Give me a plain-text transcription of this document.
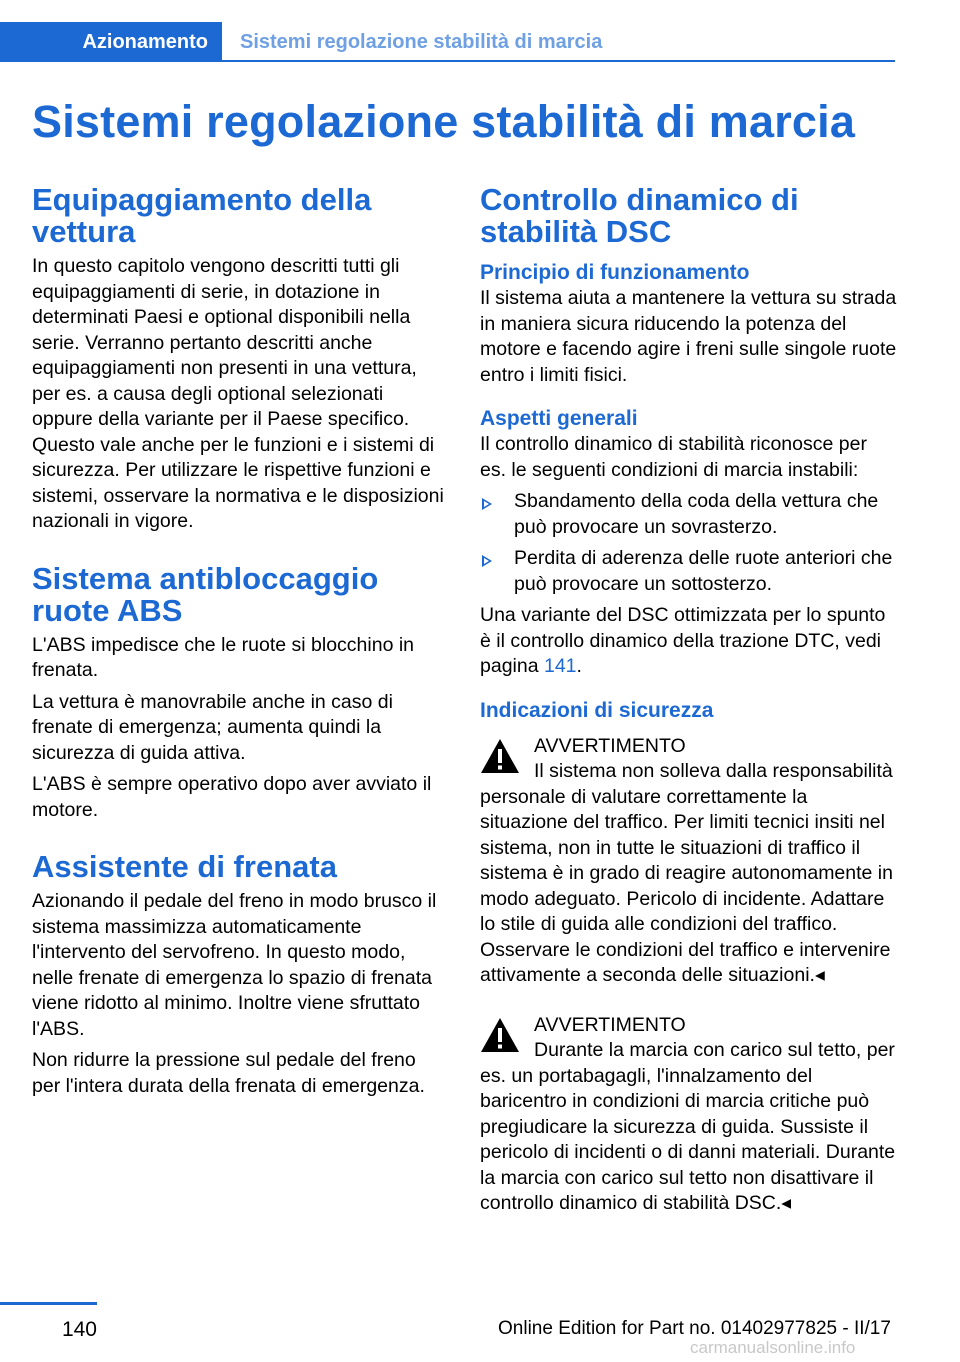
Azionamento	Sistemi regolazione stabilità di marcia
Sistemi regolazione stabilità di marcia
Equipaggiamento della vettura

In questo capitolo vengono descritti tutti gli equipaggiamenti di serie, in dotazione in determinati Paesi e optional disponibili nella serie. Verranno pertanto descritti anche equipaggiamenti non presenti in una vettura, per es. a causa degli optional selezionati oppure della variante per il Paese specifico. Questo vale anche per le funzioni e i sistemi di sicurezza. Per utilizzare le rispettive funzioni e sistemi, osservare la normativa e le disposizioni nazionali in vigore.

Sistema antibloccaggio ruote ABS

L'ABS impedisce che le ruote si blocchino in frenata.

La vettura è manovrabile anche in caso di frenate di emergenza; aumenta quindi la sicurezza di guida attiva.

L'ABS è sempre operativo dopo aver avviato il motore.

Assistente di frenata

Azionando il pedale del freno in modo brusco il sistema massimizza automaticamente l'intervento del servofreno. In questo modo, nelle frenate di emergenza lo spazio di frenata viene ridotto al minimo. Inoltre viene sfruttato l'ABS.

Non ridurre la pressione sul pedale del freno per l'intera durata della frenata di emergenza.

Controllo dinamico di stabilità DSC
Principio di funzionamento

Il sistema aiuta a mantenere la vettura su strada in maniera sicura riducendo la potenza del motore e facendo agire i freni sulle singole ruote entro i limiti fisici.

Aspetti generali

Il controllo dinamico di stabilità riconosce per es. le seguenti condizioni di marcia instabili:

Sbandamento della coda della vettura che può provocare un sovrasterzo.
Perdita di aderenza delle ruote anteriori che può provocare un sottosterzo.

Una variante del DSC ottimizzata per lo spunto è il controllo dinamico della trazione DTC, vedi pagina 141.

Indicazioni di sicurezza
AVVERTIMENTO
Il sistema non solleva dalla responsabilità personale di valutare correttamente la situazione del traffico. Per limiti tecnici insiti nel sistema, non in tutte le situazioni di traffico il sistema è in grado di reagire autonomamente in modo adeguato. Pericolo di incidente. Adattare lo stile di guida alle condizioni del traffico. Osservare le condizioni del traffico e intervenire attivamente a seconda delle situazioni.◂
AVVERTIMENTO
Durante la marcia con carico sul tetto, per es. un portabagagli, l'innalzamento del baricentro in condizioni di marcia critiche può pregiudicare la sicurezza di guida. Sussiste il pericolo di incidenti o di danni materiali. Durante la marcia con carico sul tetto non disattivare il controllo dinamico di stabilità DSC.◂
140	Online Edition for Part no. 01402977825 - II/17
carmanualsonline.info
